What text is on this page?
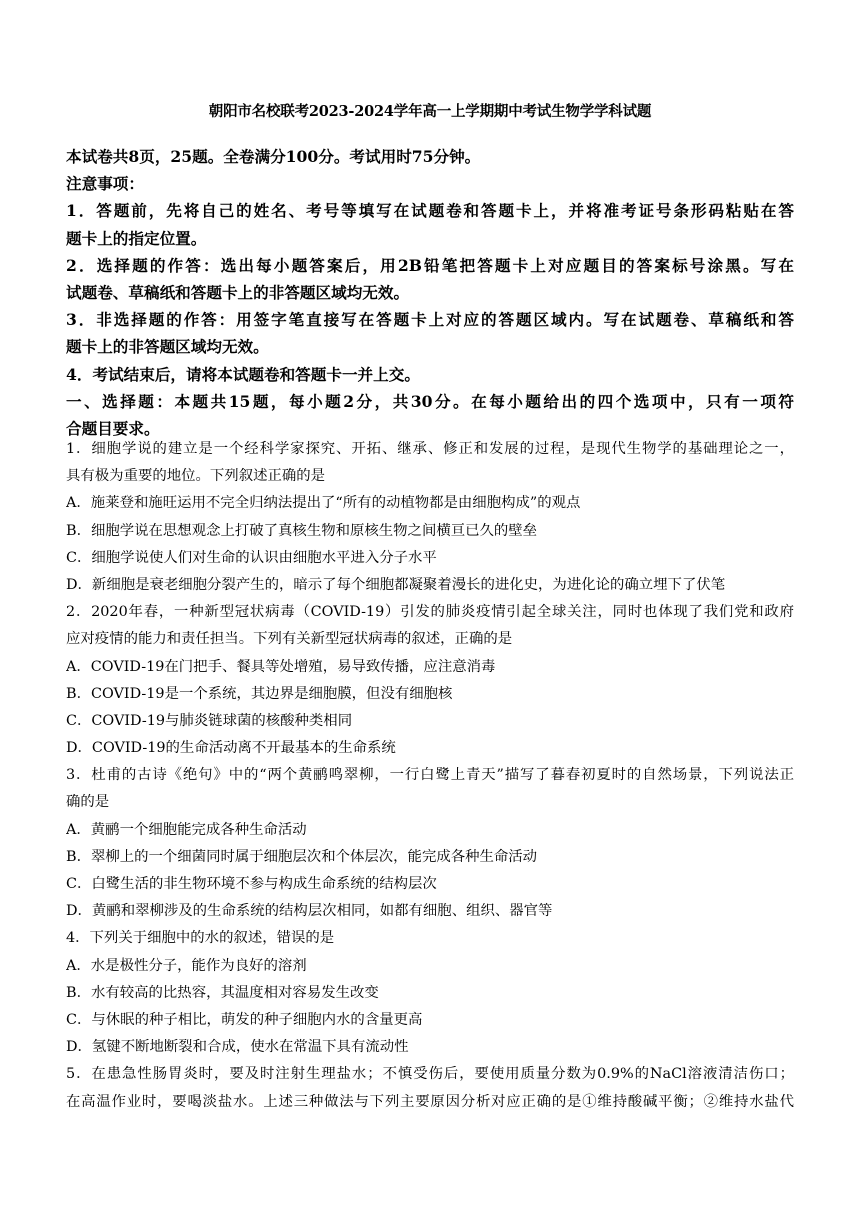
朝阳市名校联考2023-2024学年高一上学期期中考试生物学学科试题
本试卷共8页，25题。全卷满分100分。考试用时75分钟。
注意事项：
1．答题前，先将自己的姓名、考号等填写在试题卷和答题卡上，并将准考证号条形码粘贴在答
题卡上的指定位置。
2．选择题的作答：选出每小题答案后，用2B铅笔把答题卡上对应题目的答案标号涂黑。写在
试题卷、草稿纸和答题卡上的非答题区域均无效。
3．非选择题的作答：用签字笔直接写在答题卡上对应的答题区域内。写在试题卷、草稿纸和答
题卡上的非答题区域均无效。
4．考试结束后，请将本试题卷和答题卡一并上交。
一、选择题：本题共15题，每小题2分，共30分。在每小题给出的四个选项中，只有一项符
合题目要求。
1．细胞学说的建立是一个经科学家探究、开拓、继承、修正和发展的过程，是现代生物学的基础理论之一，
具有极为重要的地位。下列叙述正确的是
A．施莱登和施旺运用不完全归纳法提出了“所有的动植物都是由细胞构成”的观点
B．细胞学说在思想观念上打破了真核生物和原核生物之间横亘已久的壁垒
C．细胞学说使人们对生命的认识由细胞水平进入分子水平
D．新细胞是衰老细胞分裂产生的，暗示了每个细胞都凝聚着漫长的进化史，为进化论的确立埋下了伏笔
2．2020年春，一种新型冠状病毒（COVID-19）引发的肺炎疫情引起全球关注，同时也体现了我们党和政府
应对疫情的能力和责任担当。下列有关新型冠状病毒的叙述，正确的是
A．COVID-19在门把手、餐具等处增殖，易导致传播，应注意消毒
B．COVID-19是一个系统，其边界是细胞膜，但没有细胞核
C．COVID-19与肺炎链球菌的核酸种类相同
D．COVID-19的生命活动离不开最基本的生命系统
3．杜甫的古诗《绝句》中的“两个黄鹂鸣翠柳，一行白鹭上青天”描写了暮春初夏时的自然场景，下列说法正
确的是
A．黄鹂一个细胞能完成各种生命活动
B．翠柳上的一个细菌同时属于细胞层次和个体层次，能完成各种生命活动
C．白鹭生活的非生物环境不参与构成生命系统的结构层次
D．黄鹂和翠柳涉及的生命系统的结构层次相同，如都有细胞、组织、器官等
4．下列关于细胞中的水的叙述，错误的是
A．水是极性分子，能作为良好的溶剂
B．水有较高的比热容，其温度相对容易发生改变
C．与休眠的种子相比，萌发的种子细胞内水的含量更高
D．氢键不断地断裂和合成，使水在常温下具有流动性
5．在患急性肠胃炎时，要及时注射生理盐水；不慎受伤后，要使用质量分数为0.9%的NaCl溶液清洁伤口；
在高温作业时，要喝淡盐水。上述三种做法与下列主要原因分析对应正确的是①维持酸碱平衡；②维持水盐代
